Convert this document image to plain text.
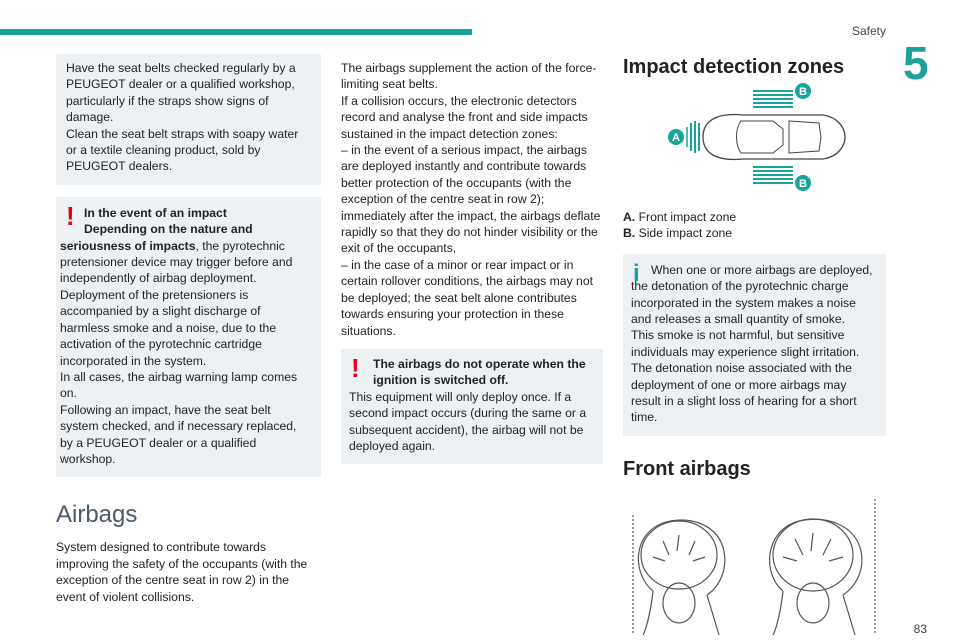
Safety
5

Have the seat belts checked regularly by a PEUGEOT dealer or a qualified workshop, particularly if the straps show signs of damage.

Clean the seat belt straps with soapy water or a textile cleaning product, sold by PEUGEOT dealers.

! In the event of an impact

Depending on the nature and seriousness of impacts, the pyrotechnic pretensioner device may trigger before and independently of airbag deployment.

Deployment of the pretensioners is accompanied by a slight discharge of harmless smoke and a noise, due to the activation of the pyrotechnic cartridge incorporated in the system.

In all cases, the airbag warning lamp comes on.

Following an impact, have the seat belt system checked, and if necessary replaced, by a PEUGEOT dealer or a qualified workshop.

Airbags

System designed to contribute towards improving the safety of the occupants (with the exception of the centre seat in row 2) in the event of violent collisions.

The airbags supplement the action of the force-limiting seat belts.

If a collision occurs, the electronic detectors record and analyse the front and side impacts sustained in the impact detection zones:

– in the event of a serious impact, the airbags are deployed instantly and contribute towards better protection of the occupants (with the exception of the centre seat in row 2); immediately after the impact, the airbags deflate rapidly so that they do not hinder visibility or the exit of the occupants,

– in the case of a minor or rear impact or in certain rollover conditions, the airbags may not be deployed; the seat belt alone contributes towards ensuring your protection in these situations.

!	The airbags do not operate when the ignition is switched off.

This equipment will only deploy once. If a second impact occurs (during the same or a subsequent accident), the airbag will not be deployed again.

Impact detection zones
A
B
B
A. Front impact zone
B. Side impact zone
i When one or more airbags are deployed, the detonation of the pyrotechnic charge incorporated in the system makes a noise and releases a small quantity of smoke.

This smoke is not harmful, but sensitive individuals may experience slight irritation.

The detonation noise associated with the deployment of one or more airbags may result in a slight loss of hearing for a short time.

Front airbags
83
